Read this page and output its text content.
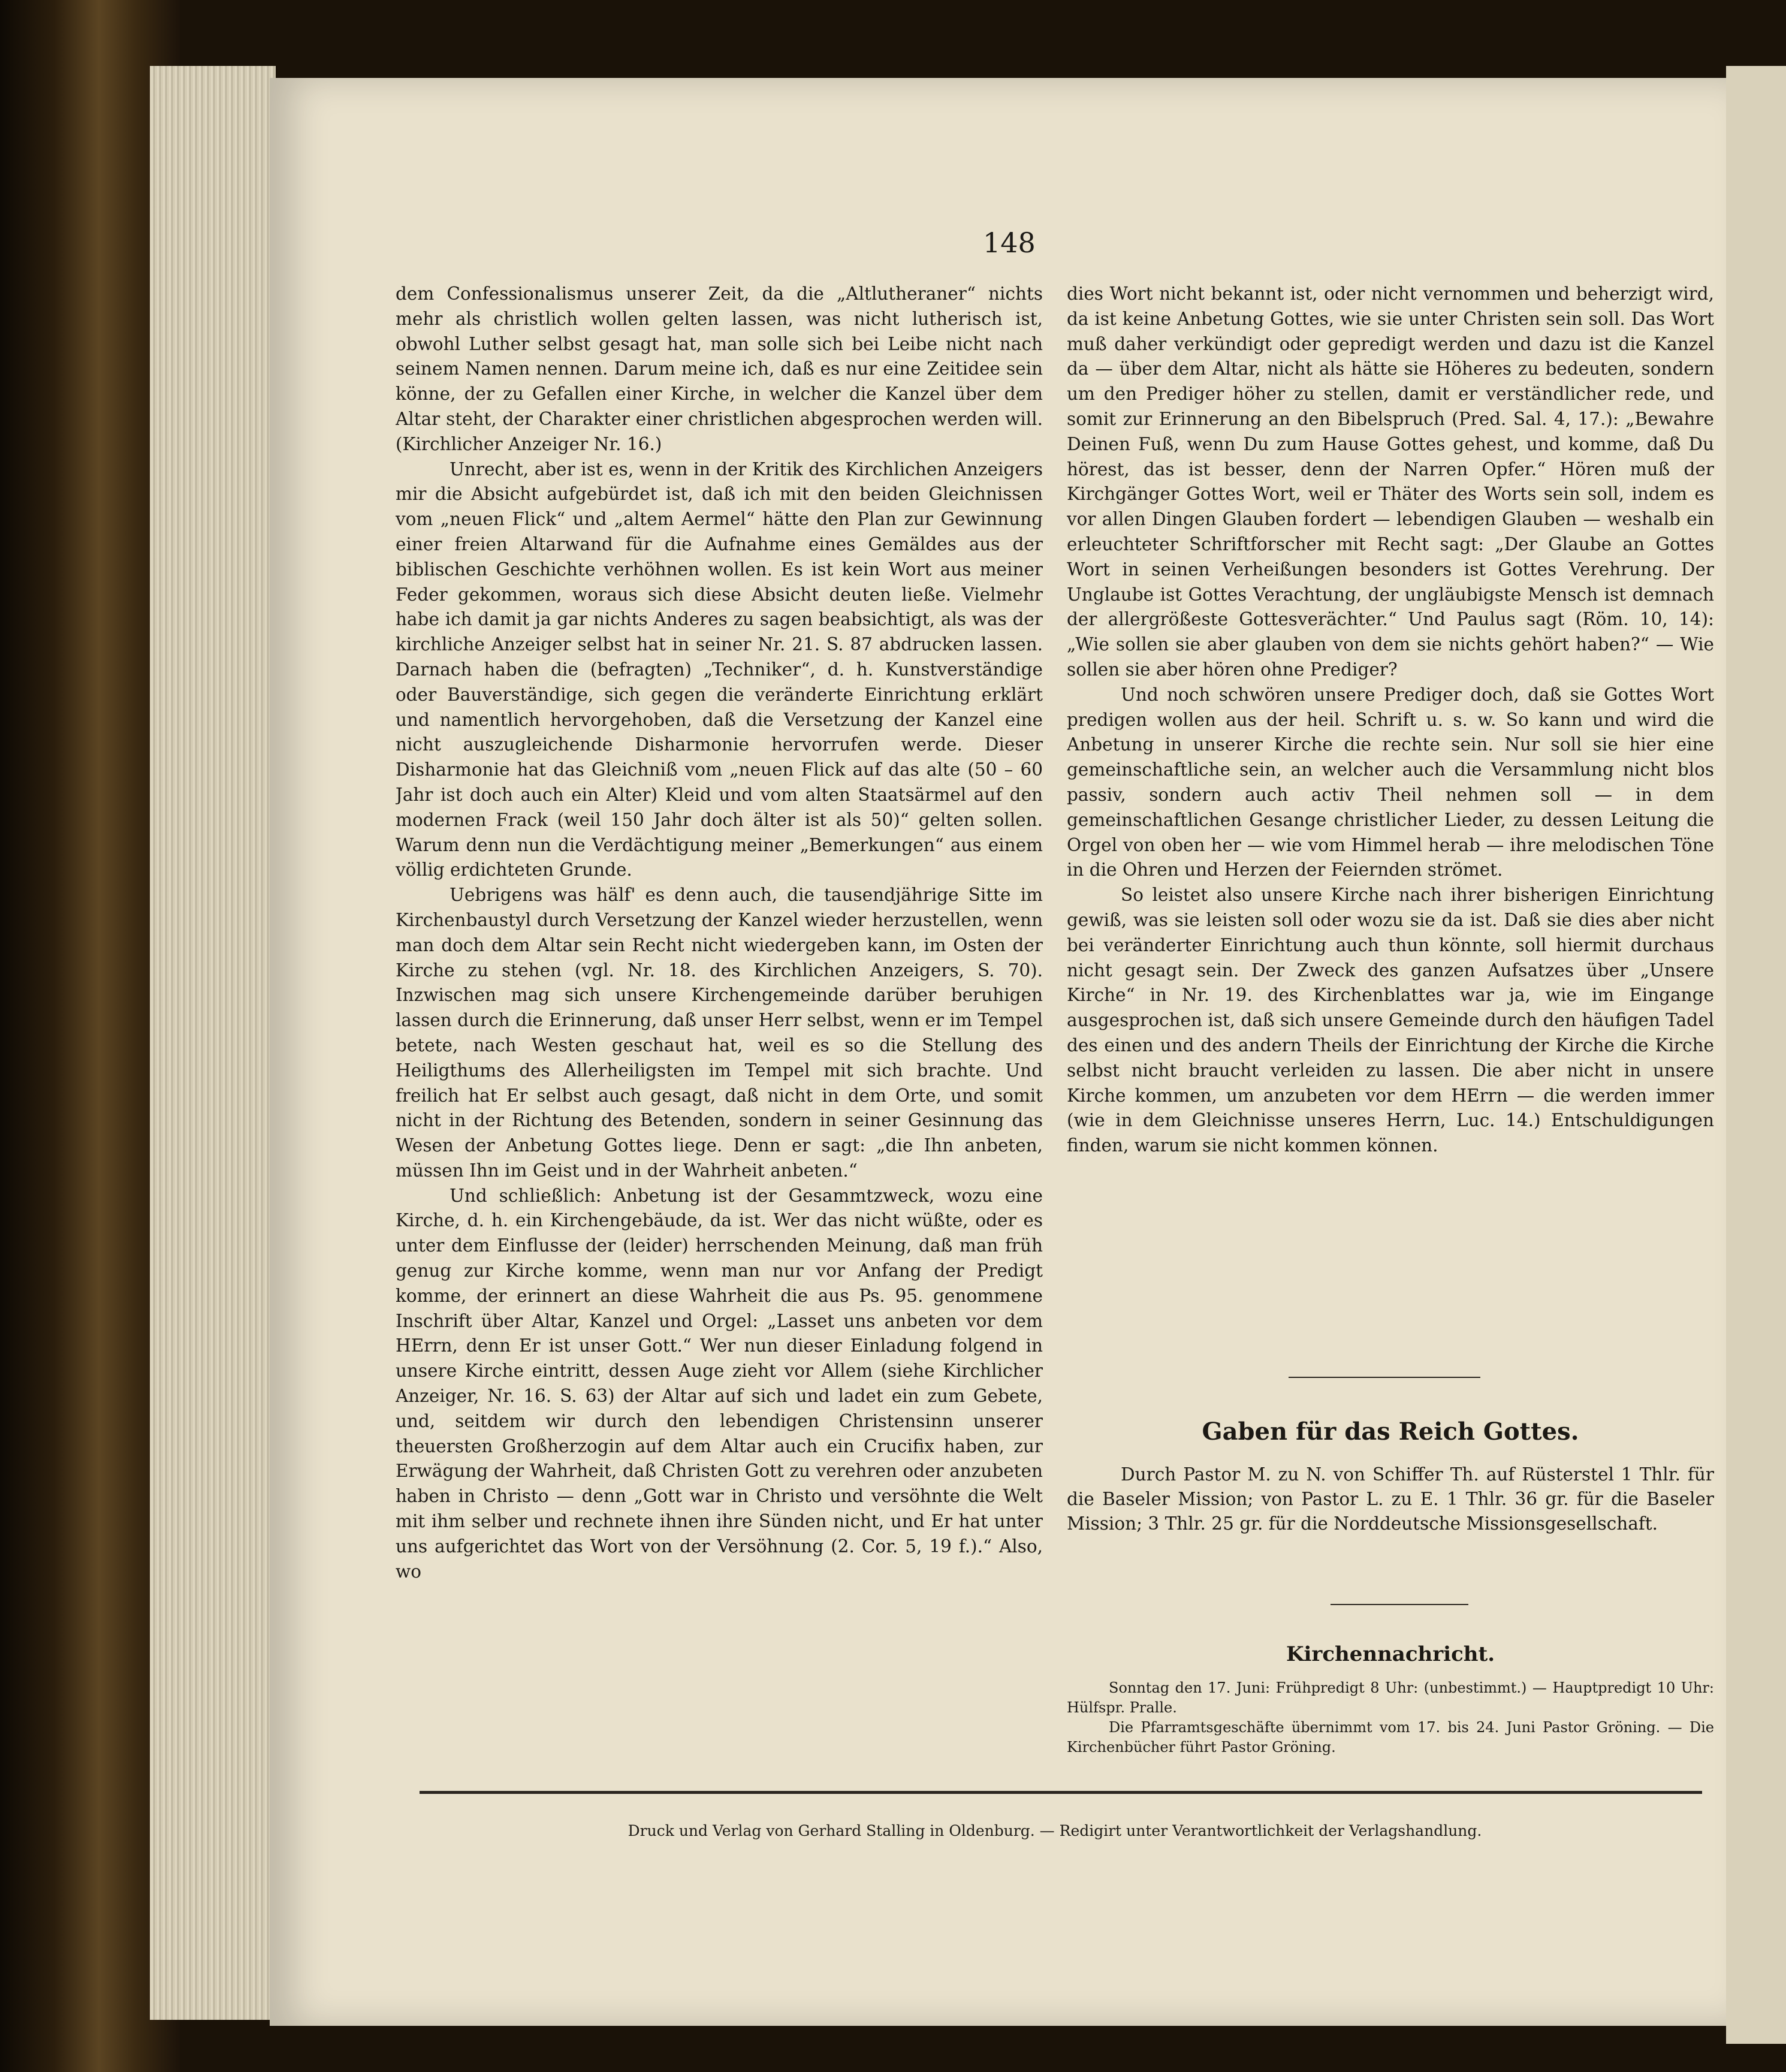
148

dem Confessionalismus unserer Zeit, da die „Altlutheraner“ nichts mehr als christlich wollen gelten lassen, was nicht lutherisch ist, obwohl Luther selbst gesagt hat, man solle sich bei Leibe nicht nach seinem Namen nennen. Darum meine ich, daß es nur eine Zeitidee sein könne, der zu Gefallen einer Kirche, in welcher die Kanzel über dem Altar steht, der Charakter einer christlichen abgesprochen werden will. (Kirchlicher Anzeiger Nr. 16.)

Unrecht, aber ist es, wenn in der Kritik des Kirchlichen Anzeigers mir die Absicht aufgebürdet ist, daß ich mit den beiden Gleichnissen vom „neuen Flick“ und „altem Aermel“ hätte den Plan zur Gewinnung einer freien Altarwand für die Aufnahme eines Gemäldes aus der biblischen Geschichte verhöhnen wollen. Es ist kein Wort aus meiner Feder gekommen, woraus sich diese Absicht deuten ließe. Vielmehr habe ich damit ja gar nichts Anderes zu sagen beabsichtigt, als was der kirchliche Anzeiger selbst hat in seiner Nr. 21. S. 87 abdrucken lassen. Darnach haben die (befragten) „Techniker“, d. h. Kunstverständige oder Bauverständige, sich gegen die veränderte Einrichtung erklärt und namentlich hervorgehoben, daß die Versetzung der Kanzel eine nicht auszugleichende Disharmonie hervorrufen werde. Dieser Disharmonie hat das Gleichniß vom „neuen Flick auf das alte (50 – 60 Jahr ist doch auch ein Alter) Kleid und vom alten Staatsärmel auf den modernen Frack (weil 150 Jahr doch älter ist als 50)“ gelten sollen. Warum denn nun die Verdächtigung meiner „Bemerkungen“ aus einem völlig erdichteten Grunde.

Uebrigens was hälf' es denn auch, die tausendjährige Sitte im Kirchenbaustyl durch Versetzung der Kanzel wieder herzustellen, wenn man doch dem Altar sein Recht nicht wiedergeben kann, im Osten der Kirche zu stehen (vgl. Nr. 18. des Kirchlichen Anzeigers, S. 70). Inzwischen mag sich unsere Kirchengemeinde darüber beruhigen lassen durch die Erinnerung, daß unser Herr selbst, wenn er im Tempel betete, nach Westen geschaut hat, weil es so die Stellung des Heiligthums des Allerheiligsten im Tempel mit sich brachte. Und freilich hat Er selbst auch gesagt, daß nicht in dem Orte, und somit nicht in der Richtung des Betenden, sondern in seiner Gesinnung das Wesen der Anbetung Gottes liege. Denn er sagt: „die Ihn anbeten, müssen Ihn im Geist und in der Wahrheit anbeten.“

Und schließlich: Anbetung ist der Gesammtzweck, wozu eine Kirche, d. h. ein Kirchengebäude, da ist. Wer das nicht wüßte, oder es unter dem Einflusse der (leider) herrschenden Meinung, daß man früh genug zur Kirche komme, wenn man nur vor Anfang der Predigt komme, der erinnert an diese Wahrheit die aus Ps. 95. genommene Inschrift über Altar, Kanzel und Orgel: „Lasset uns anbeten vor dem HErrn, denn Er ist unser Gott.“ Wer nun dieser Einladung folgend in unsere Kirche eintritt, dessen Auge zieht vor Allem (siehe Kirchlicher Anzeiger, Nr. 16. S. 63) der Altar auf sich und ladet ein zum Gebete, und, seitdem wir durch den lebendigen Christensinn unserer theuersten Großherzogin auf dem Altar auch ein Crucifix haben, zur Erwägung der Wahrheit, daß Christen Gott zu verehren oder anzubeten haben in Christo — denn „Gott war in Christo und versöhnte die Welt mit ihm selber und rechnete ihnen ihre Sünden nicht, und Er hat unter uns aufgerichtet das Wort von der Versöhnung (2. Cor. 5, 19 f.).“ Also, wo

dies Wort nicht bekannt ist, oder nicht vernommen und beherzigt wird, da ist keine Anbetung Gottes, wie sie unter Christen sein soll. Das Wort muß daher verkündigt oder gepredigt werden und dazu ist die Kanzel da — über dem Altar, nicht als hätte sie Höheres zu bedeuten, sondern um den Prediger höher zu stellen, damit er verständlicher rede, und somit zur Erinnerung an den Bibelspruch (Pred. Sal. 4, 17.): „Bewahre Deinen Fuß, wenn Du zum Hause Gottes gehest, und komme, daß Du hörest, das ist besser, denn der Narren Opfer.“ Hören muß der Kirchgänger Gottes Wort, weil er Thäter des Worts sein soll, indem es vor allen Dingen Glauben fordert — lebendigen Glauben — weshalb ein erleuchteter Schriftforscher mit Recht sagt: „Der Glaube an Gottes Wort in seinen Verheißungen besonders ist Gottes Verehrung. Der Unglaube ist Gottes Verachtung, der ungläubigste Mensch ist demnach der allergrößeste Gottesverächter.“ Und Paulus sagt (Röm. 10, 14): „Wie sollen sie aber glauben von dem sie nichts gehört haben?“ — Wie sollen sie aber hören ohne Prediger?

Und noch schwören unsere Prediger doch, daß sie Gottes Wort predigen wollen aus der heil. Schrift u. s. w. So kann und wird die Anbetung in unserer Kirche die rechte sein. Nur soll sie hier eine gemeinschaftliche sein, an welcher auch die Versammlung nicht blos passiv, sondern auch activ Theil nehmen soll — in dem gemeinschaftlichen Gesange christlicher Lieder, zu dessen Leitung die Orgel von oben her — wie vom Himmel herab — ihre melodischen Töne in die Ohren und Herzen der Feiernden strömet.

So leistet also unsere Kirche nach ihrer bisherigen Einrichtung gewiß, was sie leisten soll oder wozu sie da ist. Daß sie dies aber nicht bei veränderter Einrichtung auch thun könnte, soll hiermit durchaus nicht gesagt sein. Der Zweck des ganzen Aufsatzes über „Unsere Kirche“ in Nr. 19. des Kirchenblattes war ja, wie im Eingange ausgesprochen ist, daß sich unsere Gemeinde durch den häufigen Tadel des einen und des andern Theils der Einrichtung der Kirche die Kirche selbst nicht braucht verleiden zu lassen. Die aber nicht in unsere Kirche kommen, um anzubeten vor dem HErrn — die werden immer (wie in dem Gleichnisse unseres Herrn, Luc. 14.) Entschuldigungen finden, warum sie nicht kommen können.

Gaben für das Reich Gottes.

Durch Pastor M. zu N. von Schiffer Th. auf Rüsterstel 1 Thlr. für die Baseler Mission; von Pastor L. zu E. 1 Thlr. 36 gr. für die Baseler Mission; 3 Thlr. 25 gr. für die Norddeutsche Missionsgesellschaft.

Kirchennachricht.

Sonntag den 17. Juni: Frühpredigt 8 Uhr: (unbestimmt.) — Hauptpredigt 10 Uhr: Hülfspr. Pralle.

Die Pfarramtsgeschäfte übernimmt vom 17. bis 24. Juni Pastor Gröning. — Die Kirchenbücher führt Pastor Gröning.

Druck und Verlag von Gerhard Stalling in Oldenburg. — Redigirt unter Verantwortlichkeit der Verlagshandlung.
